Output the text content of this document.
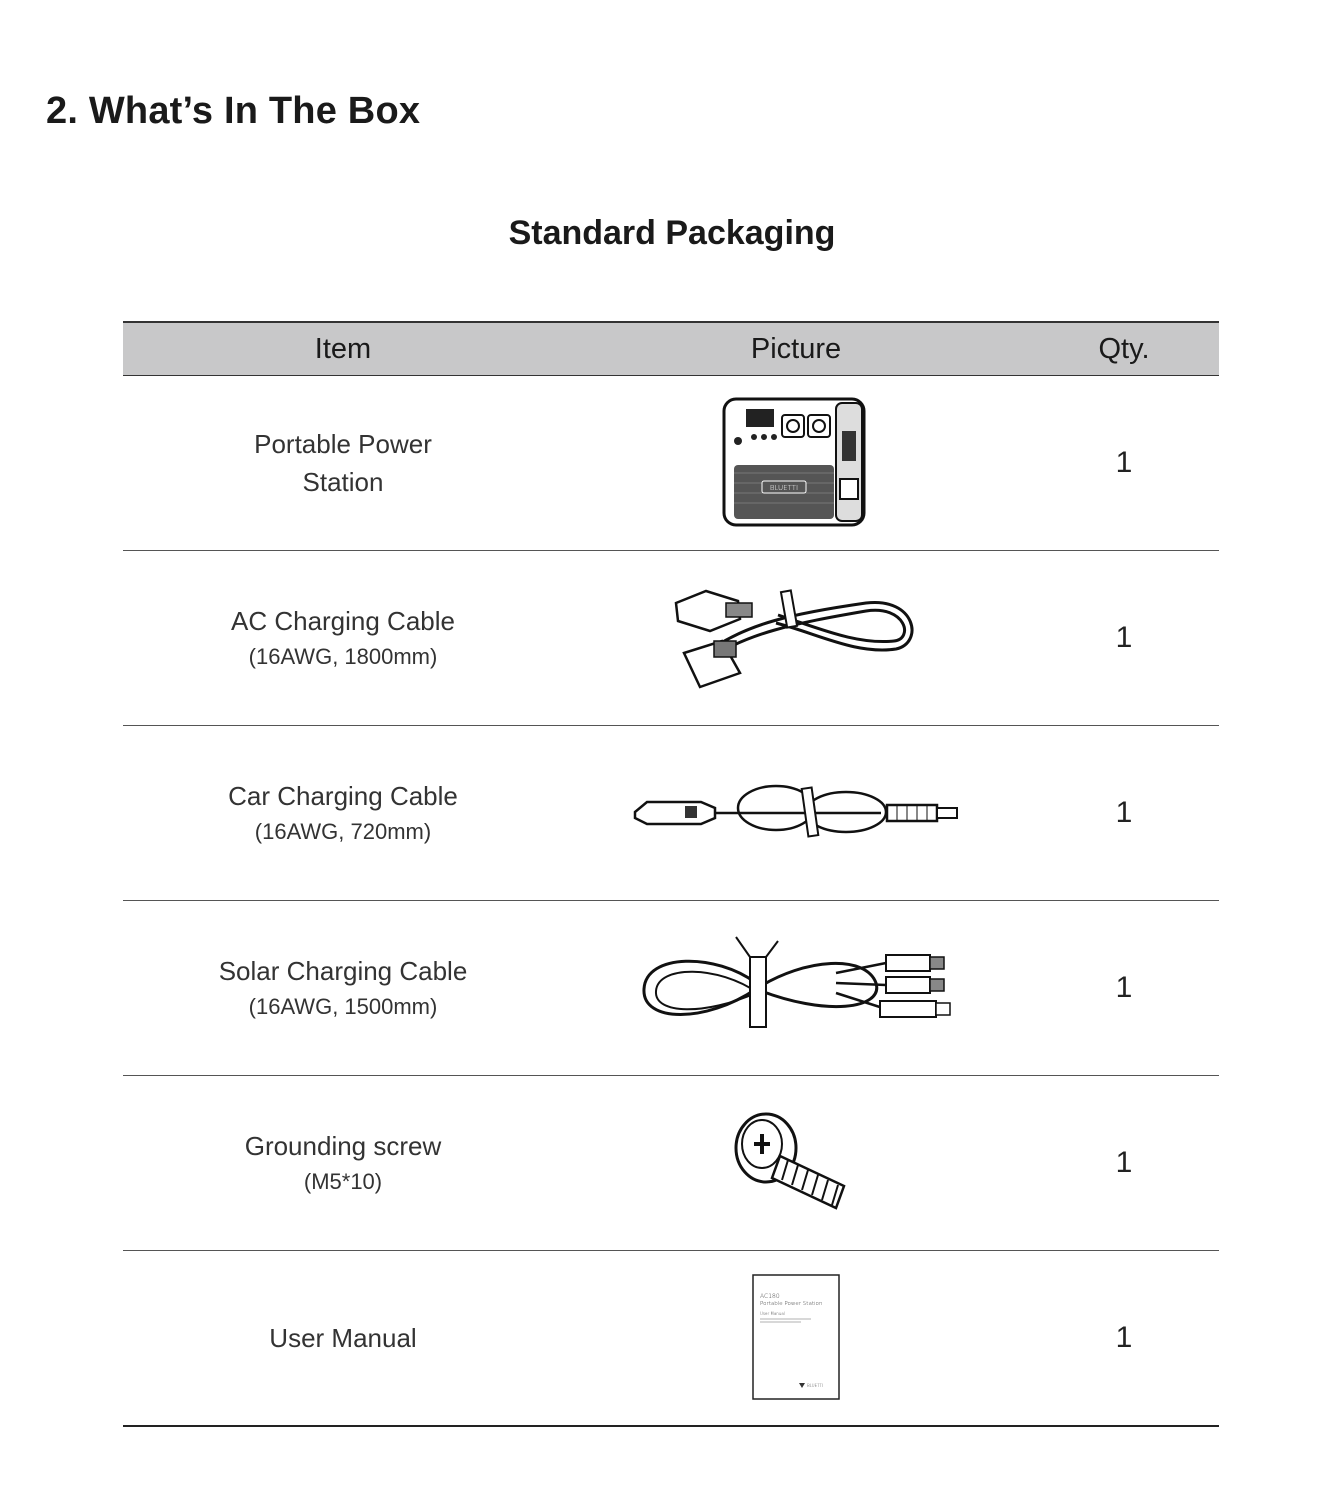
2. What’s In The Box
Standard Packaging
Item	Picture	Qty.
Portable Power Station	BLUETTI	1

AC Charging Cable
(16AWG, 1800mm)		1

Car Charging Cable
(16AWG, 720mm)		1

Solar Charging Cable
(16AWG, 1500mm)		1

Grounding screw
(M5*10)		1

User Manual	AC180
Portable Power Station
User Manual
BLUETTI	1
